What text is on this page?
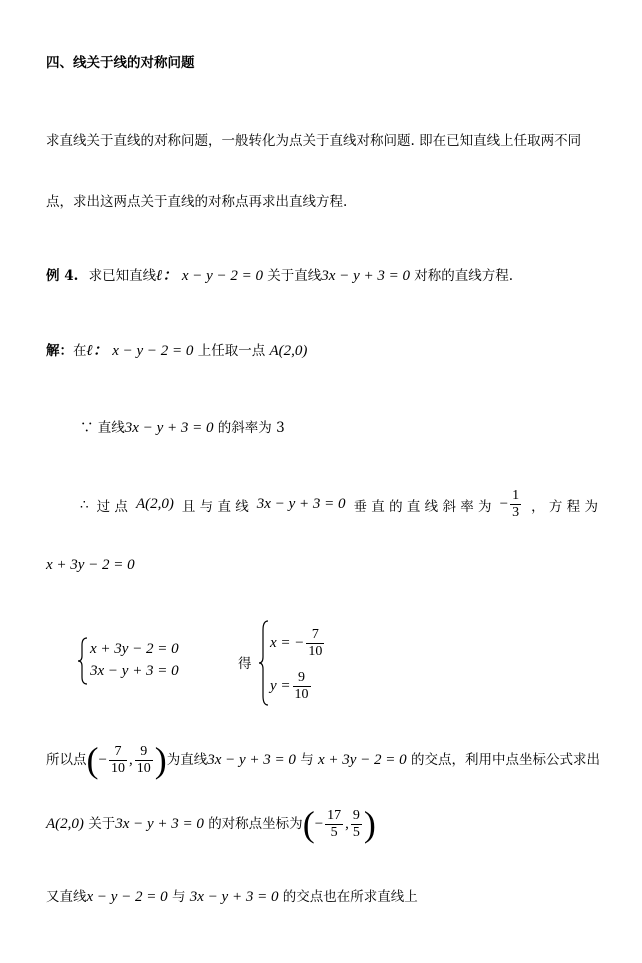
四、线关于线的对称问题
求直线关于直线的对称问题，一般转化为点关于直线对称问题. 即在已知直线上任取两不同
点，求出这两点关于直线的对称点再求出直线方程.
例 4. 求已知直线ℓ： x − y − 2 = 0 关于直线3x − y + 3 = 0 对称的直线方程.
解：在ℓ： x − y − 2 = 0 上任取一点 A(2,0)
∵ 直线3x − y + 3 = 0 的斜率为 3
∴ 过 点 A(2,0) 且 与 直 线 3x − y + 3 = 0 垂 直 的 直 线 斜 率 为 − $\frac{1}{3}$ ， 方 程 为
x + 3y − 2 = 0
x + 3y − 2 = 0
3x − y + 3 = 0	得
x = − $\frac{7}{10}$
$y = \frac{9}{10}$
所以点 ( − $\frac{7}{10}$ , $\frac{9}{10}$ ) 为直线 3x − y + 3 = 0
与
x + 3y − 2 = 0
的交点，利用中点坐标公式求出
A(2,0)
关于 3x − y + 3 = 0
的对称点坐标为 ( − $\frac{17}{5}$ , $\frac{9}{5}$ )
又直线x − y − 2 = 0 与 3x − y + 3 = 0 的交点也在所求直线上
